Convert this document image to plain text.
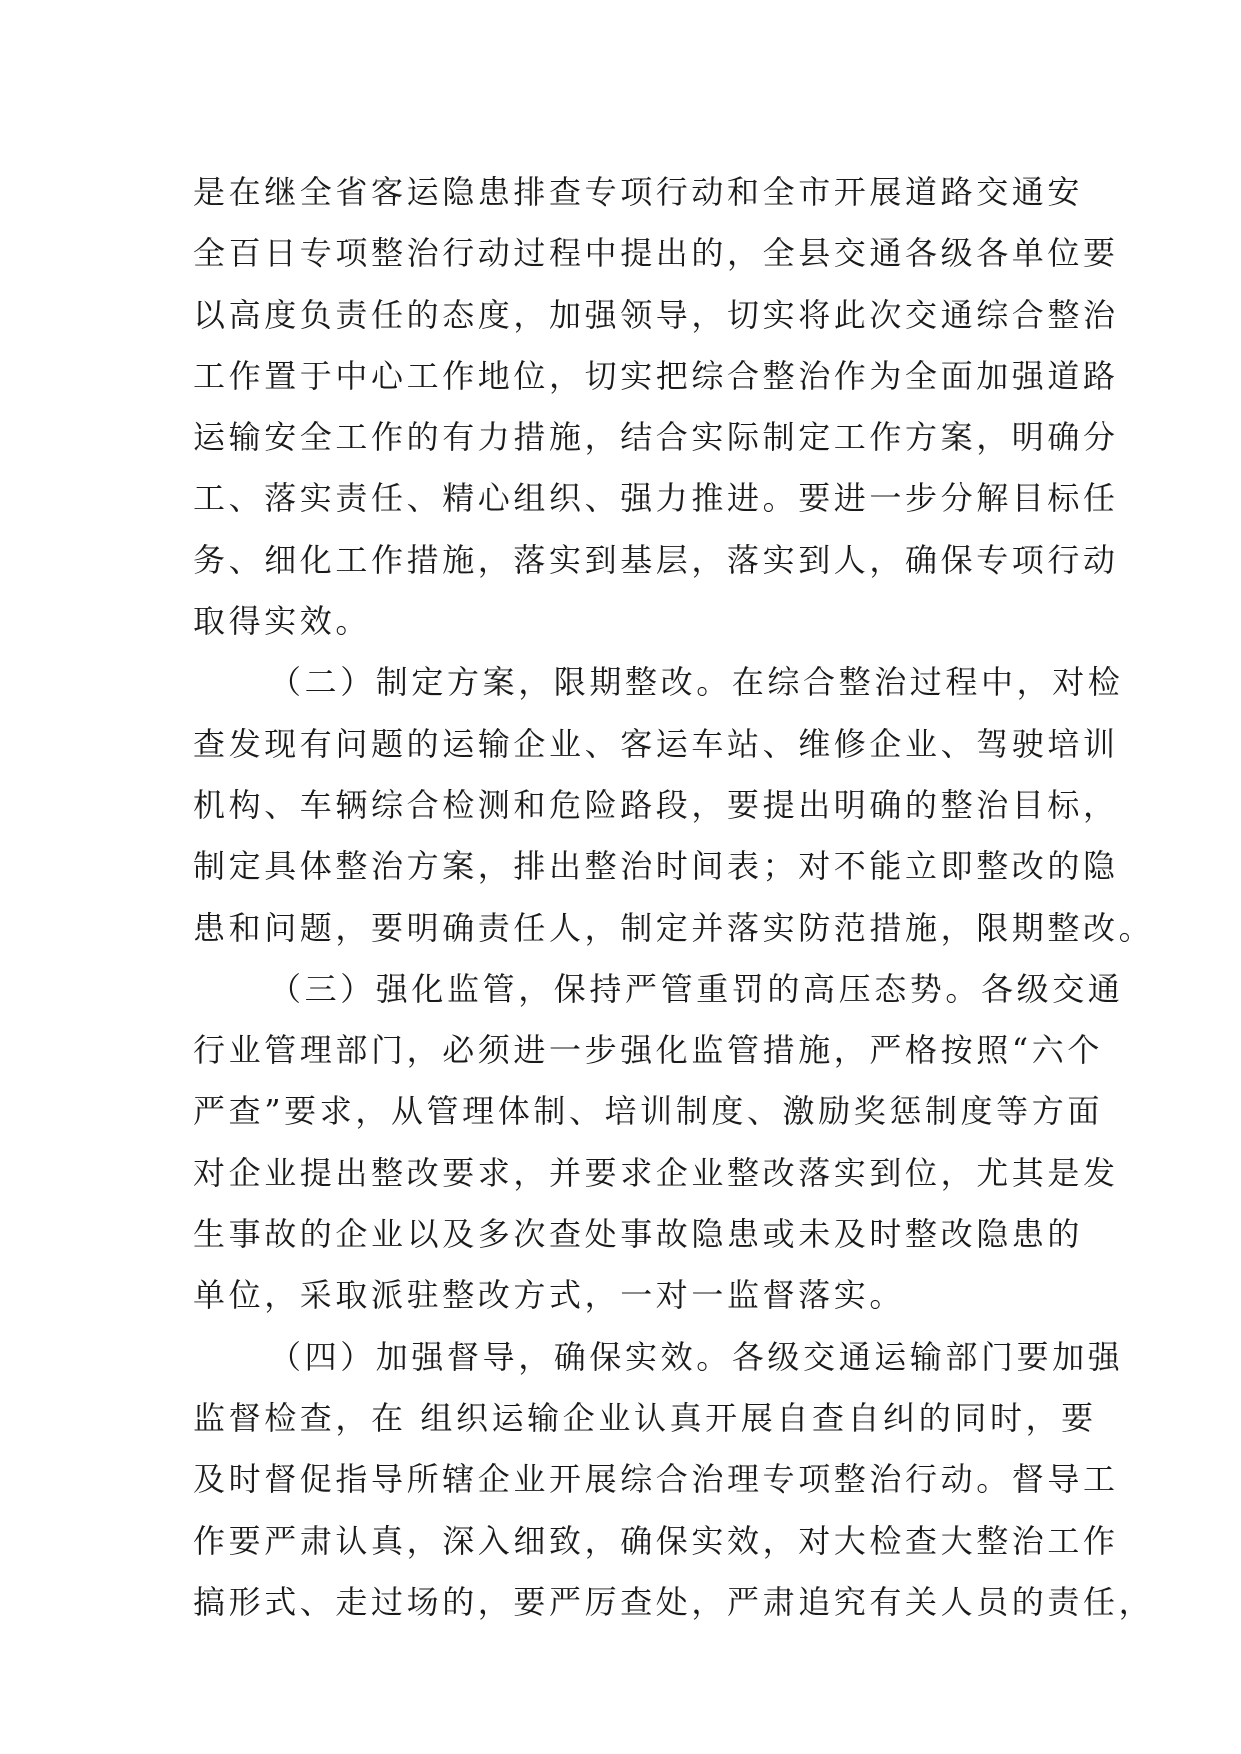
是在继全省客运隐患排查专项行动和全市开展道路交通安
全百日专项整治行动过程中提出的，全县交通各级各单位要
以高度负责任的态度，加强领导，切实将此次交通综合整治
工作置于中心工作地位，切实把综合整治作为全面加强道路
运输安全工作的有力措施，结合实际制定工作方案，明确分
工、落实责任、精心组织、强力推进。要进一步分解目标任
务、细化工作措施，落实到基层，落实到人，确保专项行动
取得实效。
（二）制定方案，限期整改。在综合整治过程中，对检
查发现有问题的运输企业、客运车站、维修企业、驾驶培训
机构、车辆综合检测和危险路段，要提出明确的整治目标，
制定具体整治方案，排出整治时间表；对不能立即整改的隐
患和问题，要明确责任人，制定并落实防范措施，限期整改。
（三）强化监管，保持严管重罚的高压态势。各级交通
行业管理部门，必须进一步强化监管措施，严格按照“六个
严查”要求，从管理体制、培训制度、激励奖惩制度等方面
对企业提出整改要求，并要求企业整改落实到位，尤其是发
生事故的企业以及多次查处事故隐患或未及时整改隐患的
单位，采取派驻整改方式，一对一监督落实。
（四）加强督导，确保实效。各级交通运输部门要加强
监督检查，在 组织运输企业认真开展自查自纠的同时，要
及时督促指导所辖企业开展综合治理专项整治行动。督导工
作要严肃认真，深入细致，确保实效，对大检查大整治工作
搞形式、走过场的，要严厉查处，严肃追究有关人员的责任，
